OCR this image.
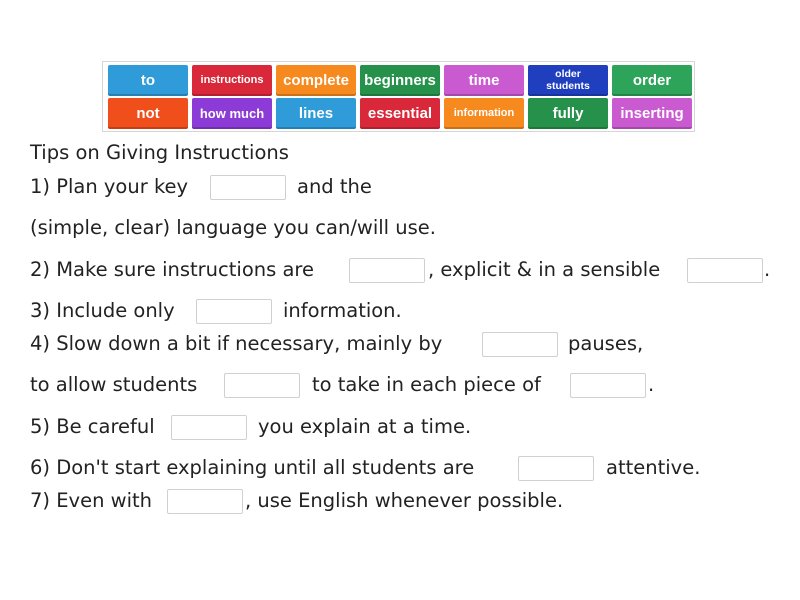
to	instructions	complete	beginners	time	older students	order
not	how much	lines	essential	information	fully	inserting
Tips on Giving Instructions
1) Plan your key	and the
(simple, clear) language you can/will use.
2) Make sure instructions are	, explicit & in a sensible	.
3) Include only	information.
4) Slow down a bit if necessary, mainly by	pauses,
to allow students	to take in each piece of	.
5) Be careful	you explain at a time.
6) Don't start explaining until all students are	attentive.
7) Even with	, use English whenever possible.
